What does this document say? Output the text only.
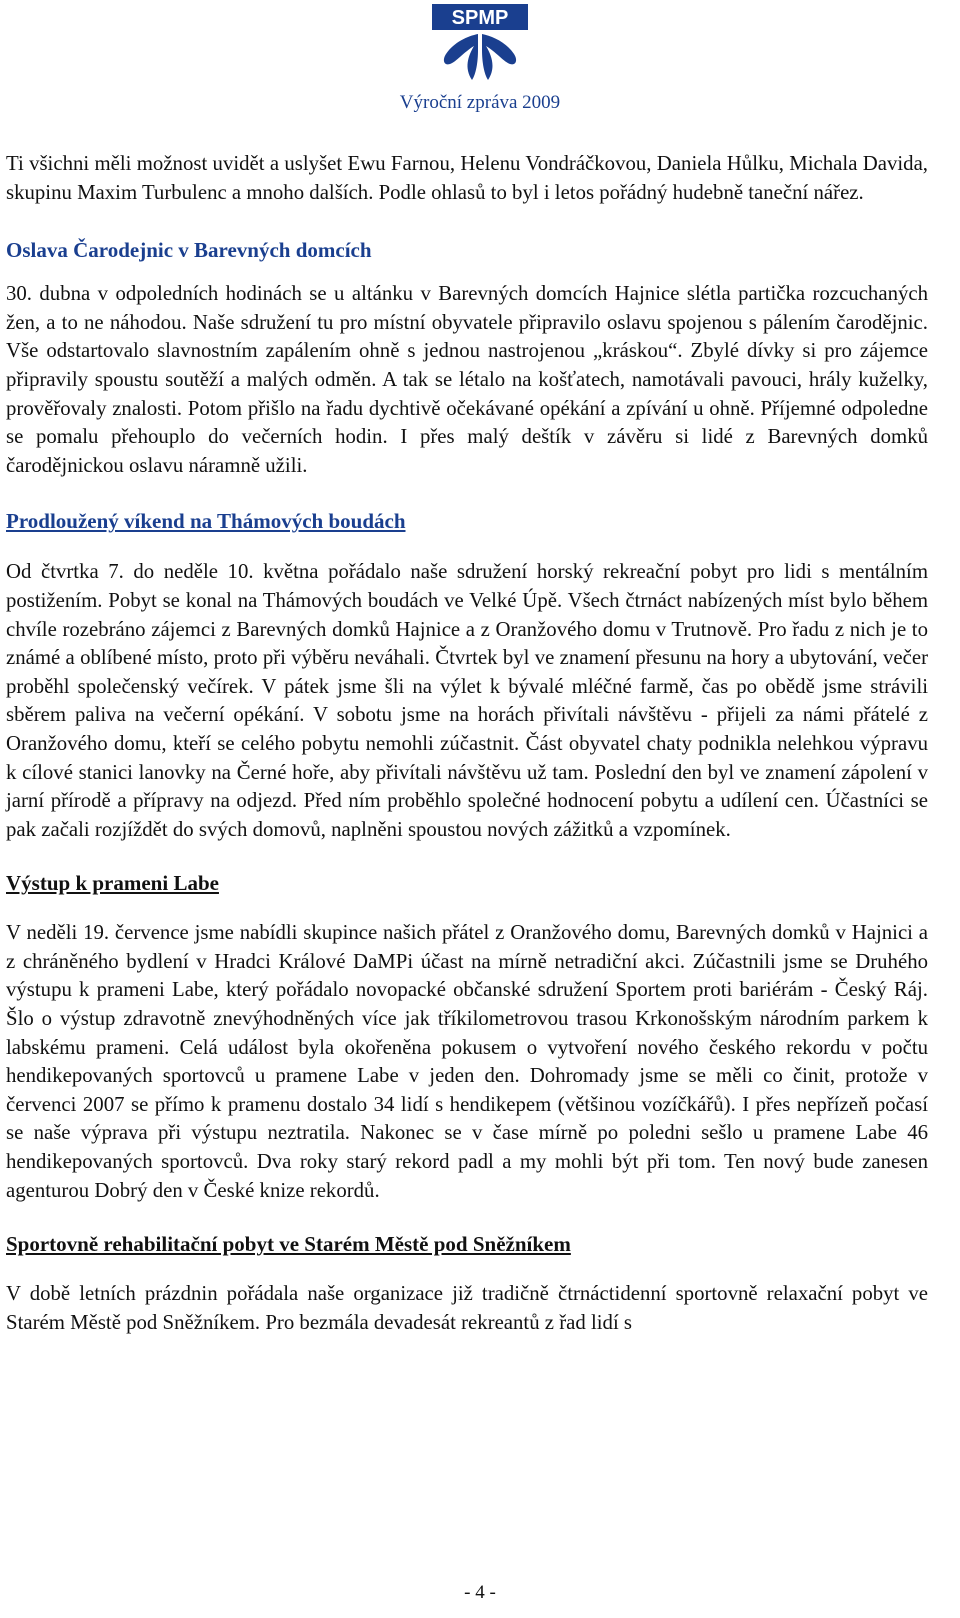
SPMP
Výroční zpráva 2009

Ti všichni měli možnost uvidět a uslyšet Ewu Farnou, Helenu Vondráčkovou, Daniela Hůlku, Michala Davida, skupinu Maxim Turbulenc a mnoho dalších. Podle ohlasů to byl i letos pořádný hudebně taneční nářez.

Oslava Čarodejnic v Barevných domcích

30. dubna v odpoledních hodinách se u altánku v Barevných domcích Hajnice slétla partička rozcuchaných žen, a to ne náhodou. Naše sdružení tu pro místní obyvatele připravilo oslavu spojenou s pálením čarodějnic. Vše odstartovalo slavnostním zapálením ohně s jednou nastrojenou „kráskou“. Zbylé dívky si pro zájemce připravily spoustu soutěží a malých odměn. A tak se létalo na košťatech, namotávali pavouci, hrály kuželky, prověřovaly znalosti. Potom přišlo na řadu dychtivě očekávané opékání a zpívání u ohně. Příjemné odpoledne se pomalu přehouplo do večerních hodin. I přes malý deštík v závěru si lidé z Barevných domků čarodějnickou oslavu náramně užili.

Prodloužený víkend na Thámových boudách

Od čtvrtka 7. do neděle 10. května pořádalo naše sdružení horský rekreační pobyt pro lidi s mentálním postižením. Pobyt se konal na Thámových boudách ve Velké Úpě. Všech čtrnáct nabízených míst bylo během chvíle rozebráno zájemci z Barevných domků Hajnice a z Oranžového domu v Trutnově. Pro řadu z nich je to známé a oblíbené místo, proto při výběru neváhali. Čtvrtek byl ve znamení přesunu na hory a ubytování, večer proběhl společenský večírek. V pátek jsme šli na výlet k bývalé mléčné farmě, čas po obědě jsme strávili sběrem paliva na večerní opékání. V sobotu jsme na horách přivítali návštěvu - přijeli za námi přátelé z Oranžového domu, kteří se celého pobytu nemohli zúčastnit. Část obyvatel chaty podnikla nelehkou výpravu k cílové stanici lanovky na Černé hoře, aby přivítali návštěvu už tam. Poslední den byl ve znamení zápolení v jarní přírodě a přípravy na odjezd. Před ním proběhlo společné hodnocení pobytu a udílení cen. Účastníci se pak začali rozjíždět do svých domovů, naplněni spoustou nových zážitků a vzpomínek.

Výstup k prameni Labe

V neděli 19. července jsme nabídli skupince našich přátel z Oranžového domu, Barevných domků v Hajnici a z chráněného bydlení v Hradci Králové DaMPi účast na mírně netradiční akci. Zúčastnili jsme se Druhého výstupu k prameni Labe, který pořádalo novopacké občanské sdružení Sportem proti bariérám - Český Ráj. Šlo o výstup zdravotně znevýhodněných více jak tříkilometrovou trasou Krkonošským národním parkem k labskému prameni. Celá událost byla okořeněna pokusem o vytvoření nového českého rekordu v počtu hendikepovaných sportovců u pramene Labe v jeden den. Dohromady jsme se měli co činit, protože v červenci 2007 se přímo k pramenu dostalo 34 lidí s hendikepem (většinou vozíčkářů). I přes nepřízeň počasí se naše výprava při výstupu neztratila. Nakonec se v čase mírně po poledni sešlo u pramene Labe 46 hendikepovaných sportovců. Dva roky starý rekord padl a my mohli být při tom. Ten nový bude zanesen agenturou Dobrý den v České knize rekordů.

Sportovně rehabilitační pobyt ve Starém Městě pod Sněžníkem

V době letních prázdnin pořádala naše organizace již tradičně čtrnáctidenní sportovně relaxační pobyt ve Starém Městě pod Sněžníkem. Pro bezmála devadesát rekreantů z řad lidí s

- 4 -
